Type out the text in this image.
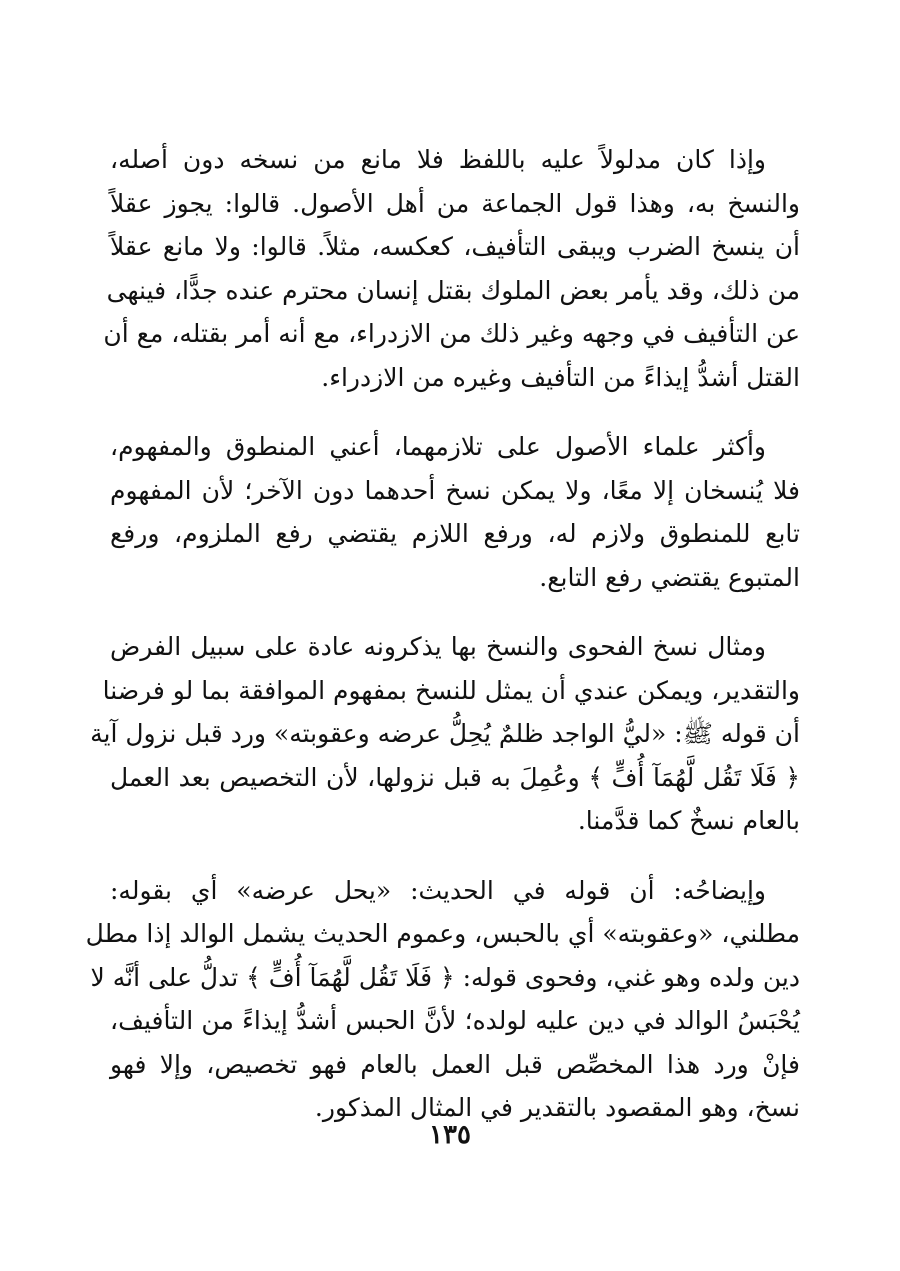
وإذا كان مدلولاً عليه باللفظ فلا مانع من نسخه دون أصله،
والنسخ به، وهذا قول الجماعة من أهل الأصول. قالوا: يجوز عقلاً
أن ينسخ الضرب ويبقى التأفيف، كعكسه، مثلاً. قالوا: ولا مانع عقلاً
من ذلك، وقد يأمر بعض الملوك بقتل إنسان محترم عنده جدًّا، فينهى
عن التأفيف في وجهه وغير ذلك من الازدراء، مع أنه أمر بقتله، مع أن
القتل أشدُّ إيذاءً من التأفيف وغيره من الازدراء.

وأكثر علماء الأصول على تلازمهما، أعني المنطوق والمفهوم،
فلا يُنسخان إلا معًا، ولا يمكن نسخ أحدهما دون الآخر؛ لأن المفهوم
تابع للمنطوق ولازم له، ورفع اللازم يقتضي رفع الملزوم، ورفع
المتبوع يقتضي رفع التابع.

ومثال نسخ الفحوى والنسخ بها يذكرونه عادة على سبيل الفرض
والتقدير، ويمكن عندي أن يمثل للنسخ بمفهوم الموافقة بما لو فرضنا
أن قوله ﷺ: «ليُّ الواجد ظلمٌ يُحِلُّ عرضه وعقوبته» ورد قبل نزول آية
﴿ فَلَا تَقُل لَّهُمَآ أُفٍّ ﴾ وعُمِلَ به قبل نزولها، لأن التخصيص بعد العمل
بالعام نسخٌ كما قدَّمنا.

وإيضاحُه: أن قوله في الحديث: «يحل عرضه» أي بقوله:
مطلني، «وعقوبته» أي بالحبس، وعموم الحديث يشمل الوالد إذا مطل
دين ولده وهو غني، وفحوى قوله: ﴿ فَلَا تَقُل لَّهُمَآ أُفٍّ ﴾ تدلُّ على أنَّه لا
يُحْبَسُ الوالد في دين عليه لولده؛ لأنَّ الحبس أشدُّ إيذاءً من التأفيف،
فإنْ ورد هذا المخصِّص قبل العمل بالعام فهو تخصيص، وإلا فهو
نسخ، وهو المقصود بالتقدير في المثال المذكور.

١٣٥
